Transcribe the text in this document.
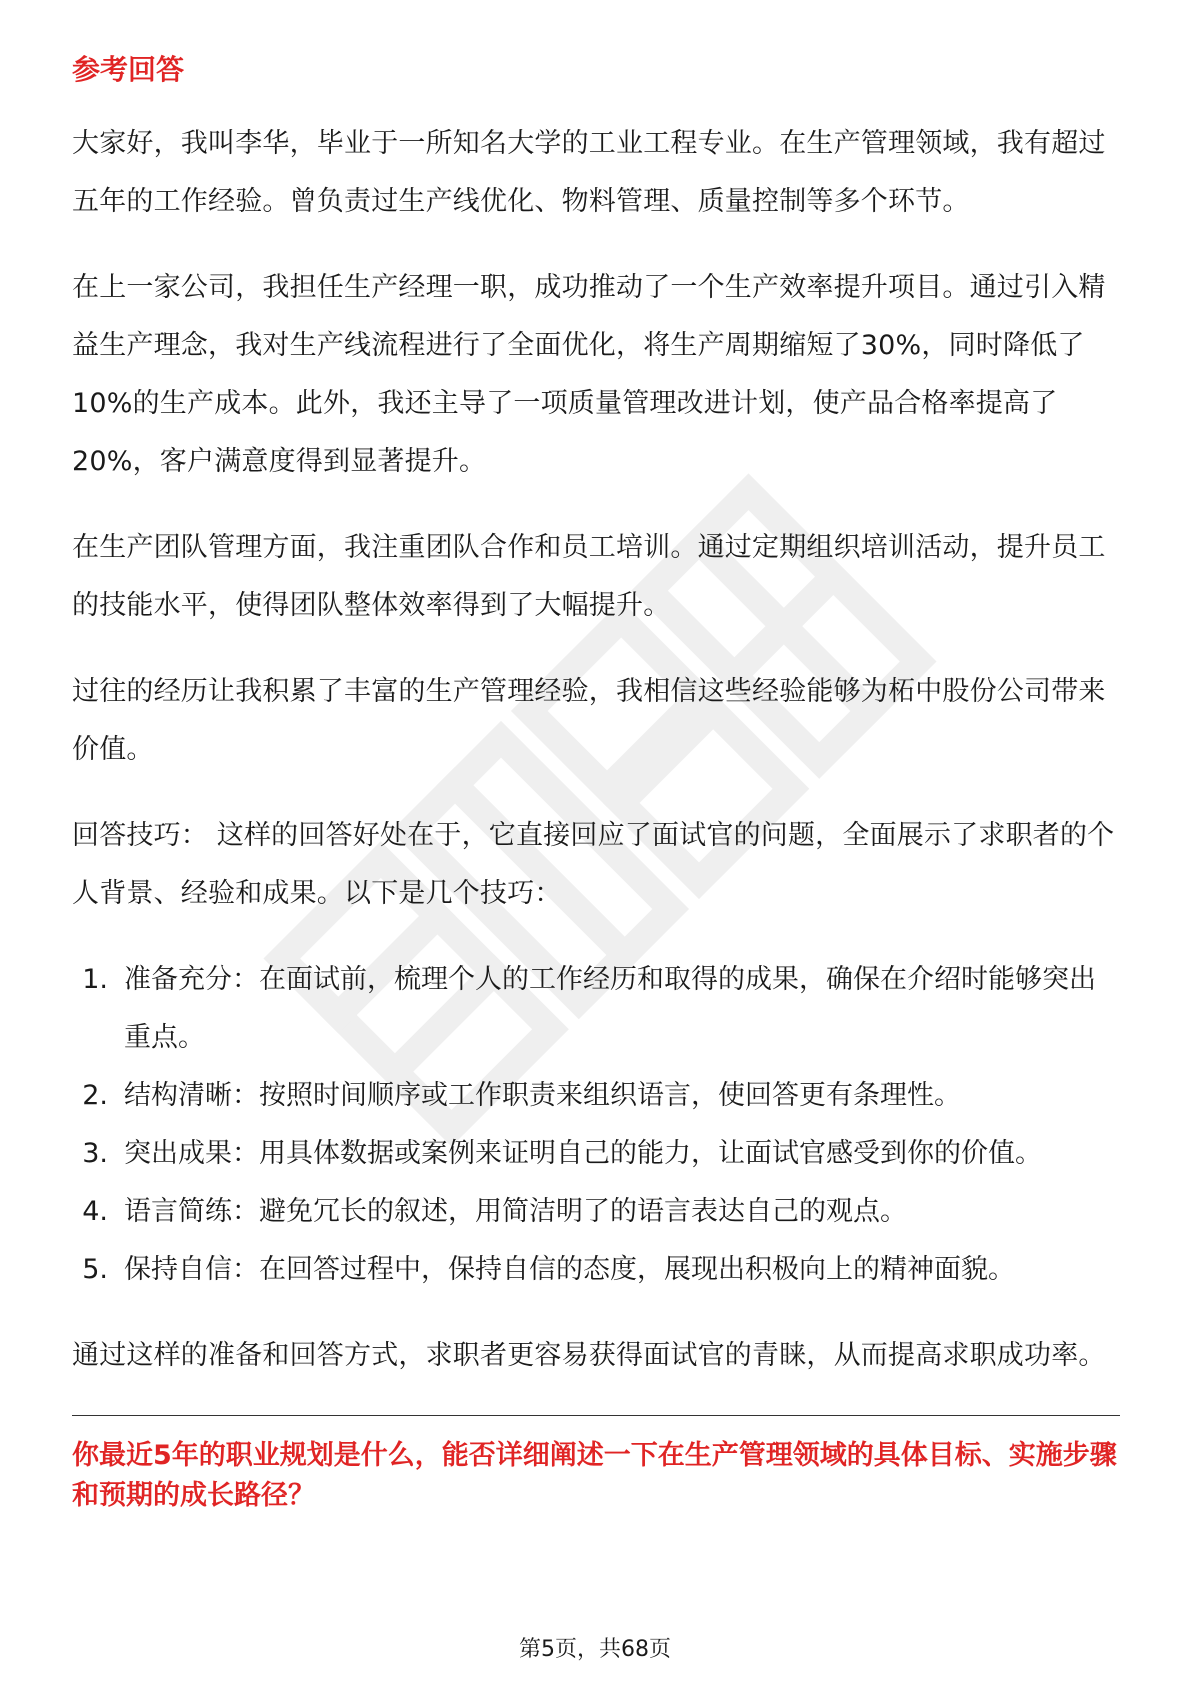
参考回答

大家好，我叫李华，毕业于一所知名大学的工业工程专业。在生产管理领域，我有超过五年的工作经验。曾负责过生产线优化、物料管理、质量控制等多个环节。

在上一家公司，我担任生产经理一职，成功推动了一个生产效率提升项目。通过引入精益生产理念，我对生产线流程进行了全面优化，将生产周期缩短了30%，同时降低了10%的生产成本。此外，我还主导了一项质量管理改进计划，使产品合格率提高了20%，客户满意度得到显著提升。

在生产团队管理方面，我注重团队合作和员工培训。通过定期组织培训活动，提升员工的技能水平，使得团队整体效率得到了大幅提升。

过往的经历让我积累了丰富的生产管理经验，我相信这些经验能够为柘中股份公司带来价值。

回答技巧： 这样的回答好处在于，它直接回应了面试官的问题，全面展示了求职者的个人背景、经验和成果。以下是几个技巧：

1. 准备充分：在面试前，梳理个人的工作经历和取得的成果，确保在介绍时能够突出重点。
2. 结构清晰：按照时间顺序或工作职责来组织语言，使回答更有条理性。
3. 突出成果：用具体数据或案例来证明自己的能力，让面试官感受到你的价值。
4. 语言简练：避免冗长的叙述，用简洁明了的语言表达自己的观点。
5. 保持自信：在回答过程中，保持自信的态度，展现出积极向上的精神面貌。

通过这样的准备和回答方式，求职者更容易获得面试官的青睐，从而提高求职成功率。

你最近5年的职业规划是什么，能否详细阐述一下在生产管理领域的具体目标、实施步骤和预期的成长路径？

第5页，共68页
